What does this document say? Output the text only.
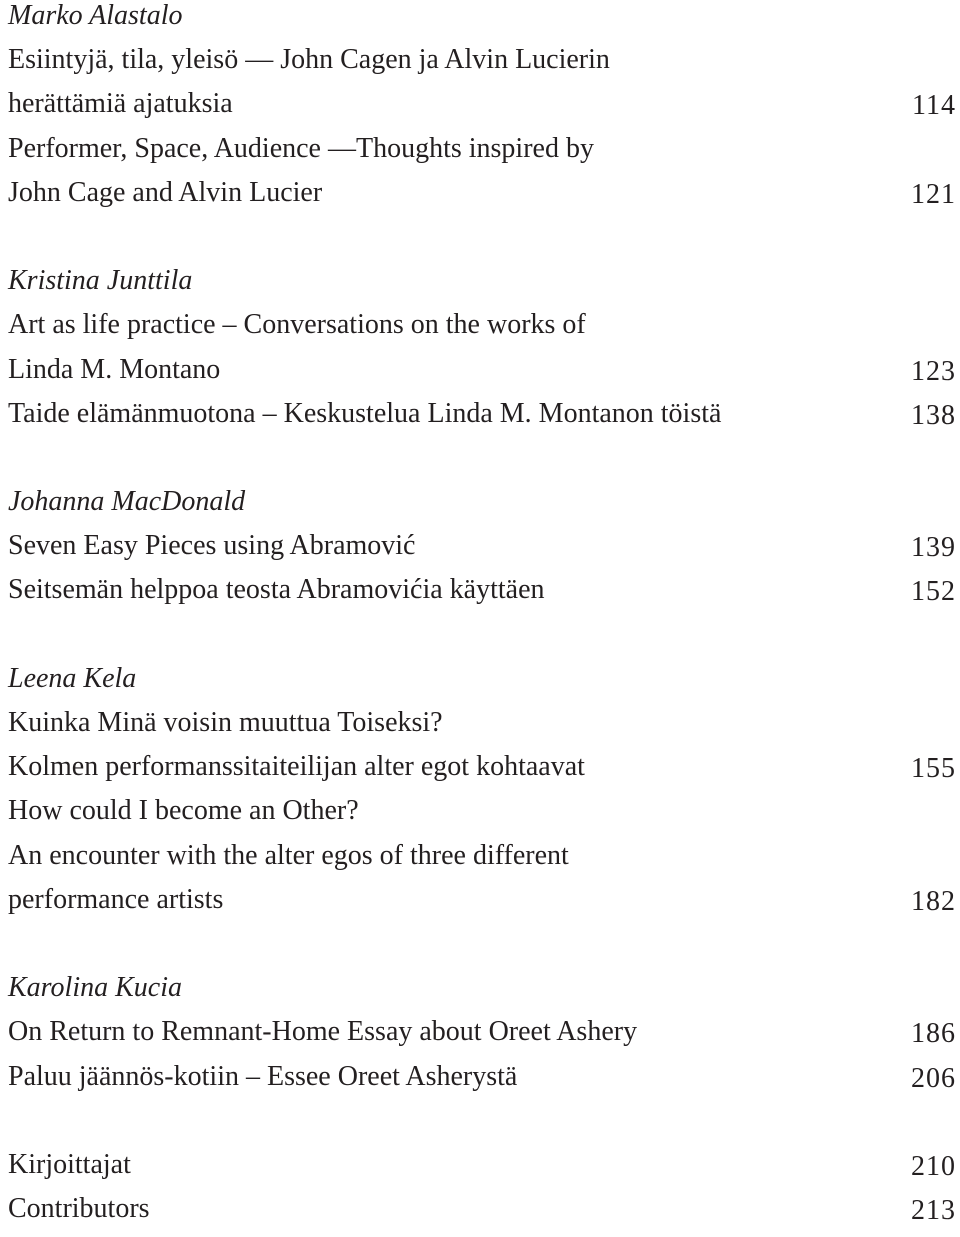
Marko Alastalo
Esiintyjä, tila, yleisö — John Cagen ja Alvin Lucierin
herättämiä ajatuksia	114
Performer, Space, Audience —Thoughts inspired by
John Cage and Alvin Lucier	121
Kristina Junttila
Art as life practice – Conversations on the works of
Linda M. Montano	123
Taide elämänmuotona – Keskustelua Linda M. Montanon töistä	138
Johanna MacDonald
Seven Easy Pieces using Abramović	139
Seitsemän helppoa teosta Abramovićia käyttäen	152
Leena Kela
Kuinka Minä voisin muuttua Toiseksi?
Kolmen performanssitaiteilijan alter egot kohtaavat	155
How could I become an Other?
An encounter with the alter egos of three different
performance artists	182
Karolina Kucia
On Return to Remnant-Home Essay about Oreet Ashery	186
Paluu jäännös-kotiin – Essee Oreet Asherystä	206
Kirjoittajat	210
Contributors	213
